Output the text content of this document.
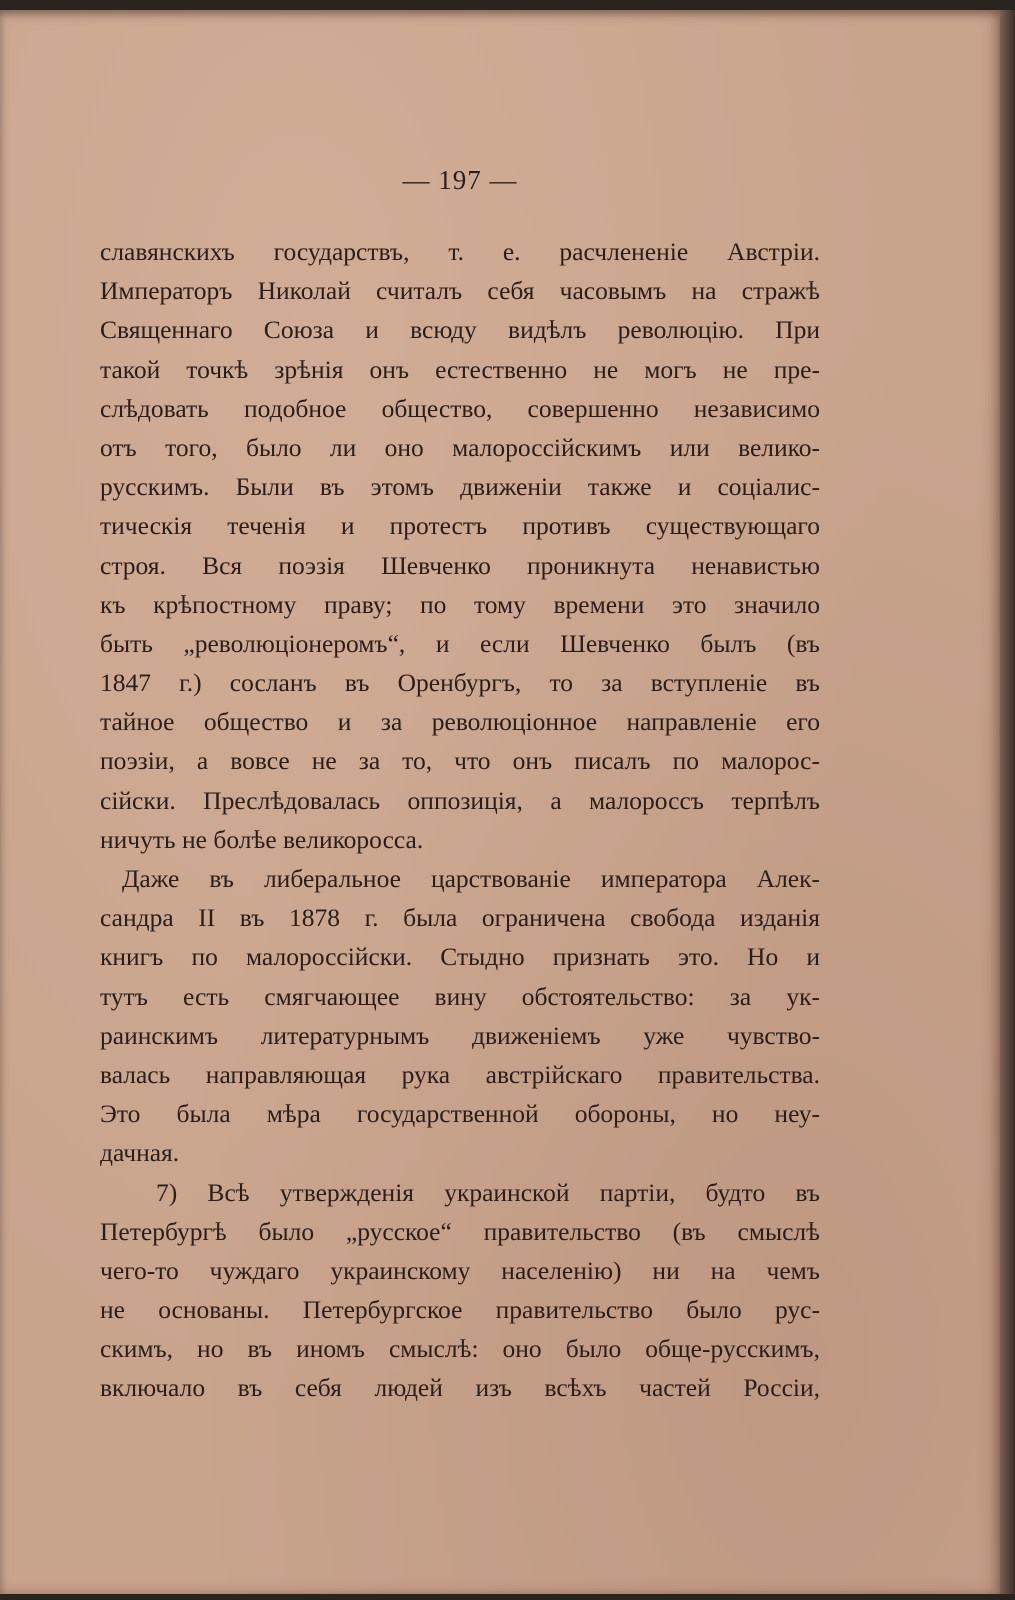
— 197 —
славянскихъ государствъ, т. е. расчлененіе Австріи.
Императоръ Николай считалъ себя часовымъ на стражѣ
Священнаго Союза и всюду видѣлъ революцію. При
такой точкѣ зрѣнія онъ естественно не могъ не пре-
слѣдовать подобное общество, совершенно независимо
отъ того, было ли оно малороссійскимъ или велико-
русскимъ. Были въ этомъ движеніи также и соціалис-
тическія теченія и протестъ противъ существующаго
строя. Вся поэзія Шевченко проникнута ненавистью
къ крѣпостному праву; по тому времени это значило
быть „революціонеромъ“, и если Шевченко былъ (въ
1847 г.) сосланъ въ Оренбургъ, то за вступленіе въ
тайное общество и за революціонное направленіе его
поэзіи, а вовсе не за то, что онъ писалъ по малорос-
сійски. Преслѣдовалась оппозиція, а малороссъ терпѣлъ
ничуть не болѣе великоросса.
Даже въ либеральное царствованіе императора Алек-
сандра II въ 1878 г. была ограничена свобода изданія
книгъ по малороссійски. Стыдно признать это. Но и
тутъ есть смягчающее вину обстоятельство: за ук-
раинскимъ литературнымъ движеніемъ уже чувство-
валась направляющая рука австрійскаго правительства.
Это была мѣра государственной обороны, но неу-
дачная.
7) Всѣ утвержденія украинской партіи, будто въ
Петербургѣ было „русское“ правительство (въ смыслѣ
чего-то чуждаго украинскому населенію) ни на чемъ
не основаны. Петербургское правительство было рус-
скимъ, но въ иномъ смыслѣ: оно было обще-русскимъ,
включало въ себя людей изъ всѣхъ частей Россіи,
